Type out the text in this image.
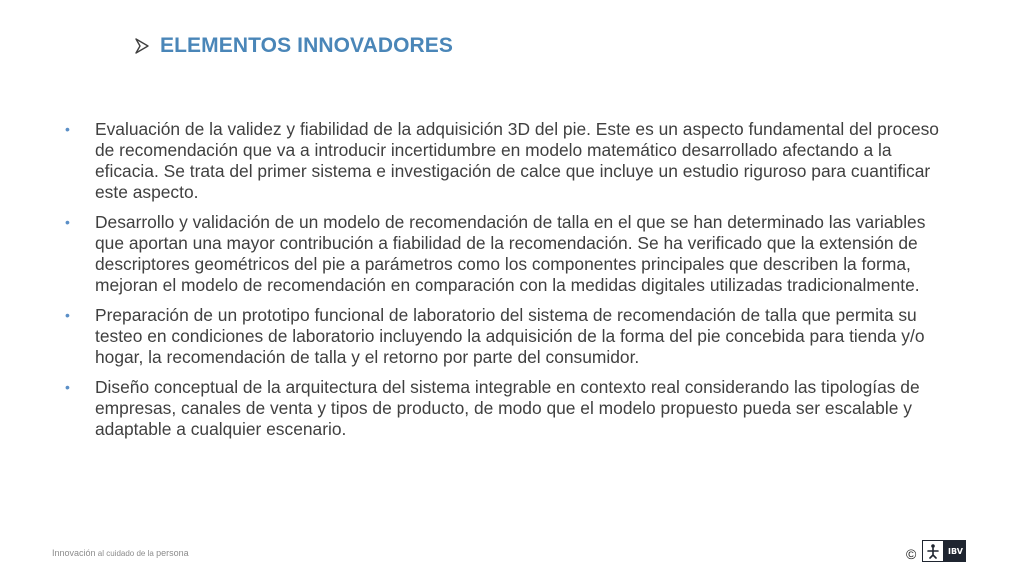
ELEMENTOS INNOVADORES
•	Evaluación de la validez y fiabilidad de la adquisición 3D del pie. Este es un aspecto fundamental del proceso de recomendación que va a introducir incertidumbre en modelo matemático desarrollado afectando a la eficacia. Se trata del primer sistema e investigación de calce que incluye un estudio riguroso para cuantificar este aspecto.
•	Desarrollo y validación de un modelo de recomendación de talla en el que se han determinado las variables que aportan una mayor contribución a fiabilidad de la recomendación. Se ha verificado que la extensión de descriptores geométricos del pie a parámetros como los componentes principales que describen la forma, mejoran el modelo de recomendación en comparación con la medidas digitales utilizadas tradicionalmente.
•	Preparación de un prototipo funcional de laboratorio del sistema de recomendación de talla que permita su testeo en condiciones de laboratorio incluyendo la adquisición de la forma del pie concebida para tienda y/o hogar, la recomendación de talla y el retorno por parte del consumidor.
•	Diseño conceptual de la arquitectura del sistema integrable en contexto real considerando las tipologías de empresas, canales de venta y tipos de producto, de modo que el modelo propuesto pueda ser escalable y adaptable a cualquier escenario.
Innovación al cuidado de la persona	©	IBV
